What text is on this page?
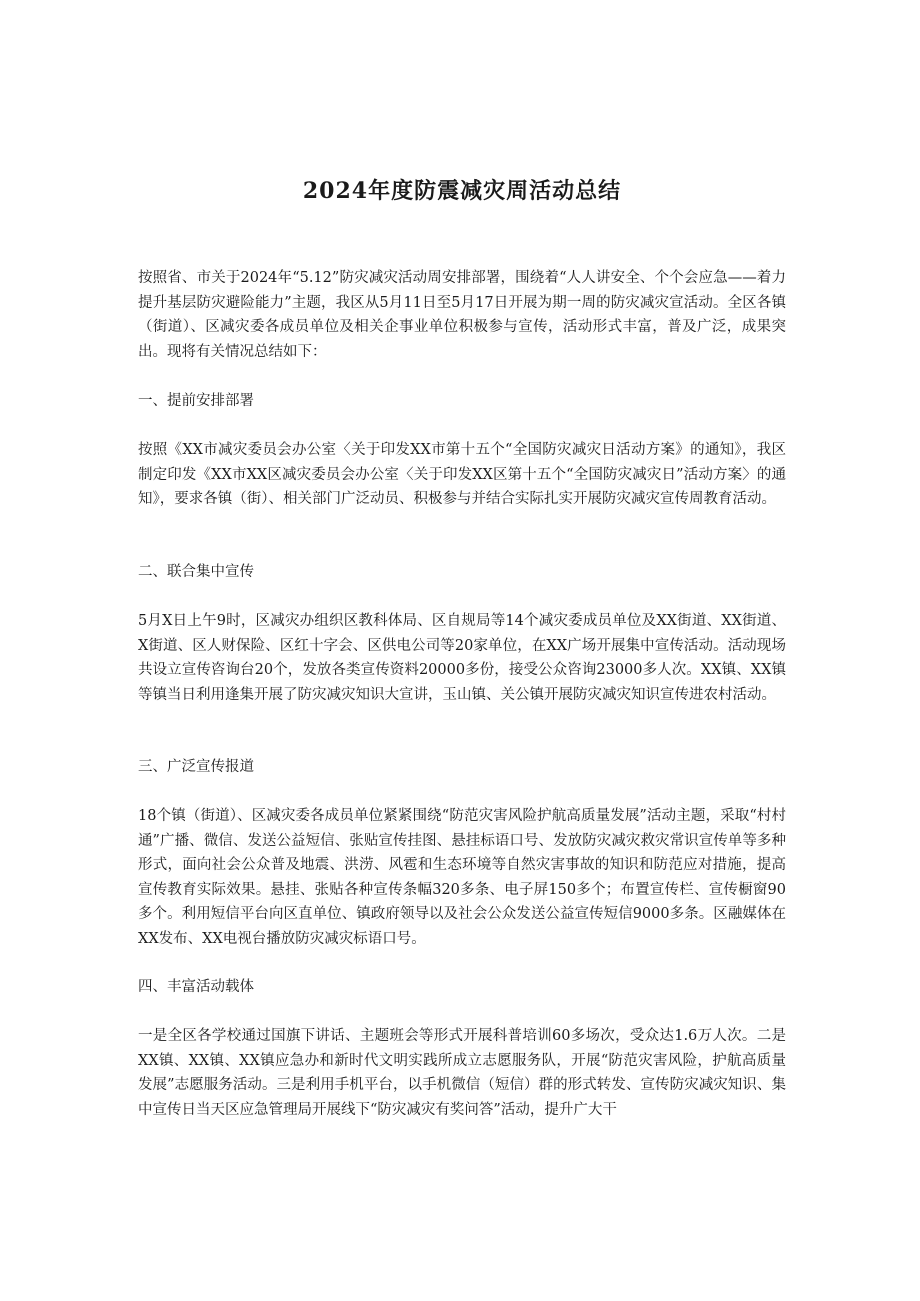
2024年度防震减灾周活动总结

按照省、市关于2024年“5.12”防灾减灾活动周安排部署，围绕着“人人讲安全、个个会应急——着力提升基层防灾避险能力”主题，我区从5月11日至5月17日开展为期一周的防灾减灾宣活动。全区各镇（街道）、区减灾委各成员单位及相关企事业单位积极参与宣传，活动形式丰富，普及广泛，成果突出。现将有关情况总结如下：

一、提前安排部署

按照《XX市减灾委员会办公室〈关于印发XX市第十五个“全国防灾减灾日活动方案》的通知》，我区制定印发《XX市XX区减灾委员会办公室〈关于印发XX区第十五个“全国防灾减灾日”活动方案〉的通知》，要求各镇（街）、相关部门广泛动员、积极参与并结合实际扎实开展防灾减灾宣传周教育活动。

二、联合集中宣传

5月X日上午9时，区减灾办组织区教科体局、区自规局等14个减灾委成员单位及XX街道、XX街道、X街道、区人财保险、区红十字会、区供电公司等20家单位，在XX广场开展集中宣传活动。活动现场共设立宣传咨询台20个，发放各类宣传资料20000多份，接受公众咨询23000多人次。XX镇、XX镇等镇当日利用逢集开展了防灾减灾知识大宣讲，玉山镇、关公镇开展防灾减灾知识宣传进农村活动。

三、广泛宣传报道

18个镇（街道）、区减灾委各成员单位紧紧围绕“防范灾害风险护航高质量发展”活动主题，采取“村村通”广播、微信、发送公益短信、张贴宣传挂图、悬挂标语口号、发放防灾减灾救灾常识宣传单等多种形式，面向社会公众普及地震、洪涝、风雹和生态环境等自然灾害事故的知识和防范应对措施，提高宣传教育实际效果。悬挂、张贴各种宣传条幅320多条、电子屏150多个；布置宣传栏、宣传橱窗90多个。利用短信平台向区直单位、镇政府领导以及社会公众发送公益宣传短信9000多条。区融媒体在XX发布、XX电视台播放防灾减灾标语口号。

四、丰富活动载体

一是全区各学校通过国旗下讲话、主题班会等形式开展科普培训60多场次，受众达1.6万人次。二是XX镇、XX镇、XX镇应急办和新时代文明实践所成立志愿服务队，开展“防范灾害风险，护航高质量发展”志愿服务活动。三是利用手机平台，以手机微信（短信）群的形式转发、宣传防灾减灾知识、集中宣传日当天区应急管理局开展线下“防灾减灾有奖问答”活动，提升广大干
